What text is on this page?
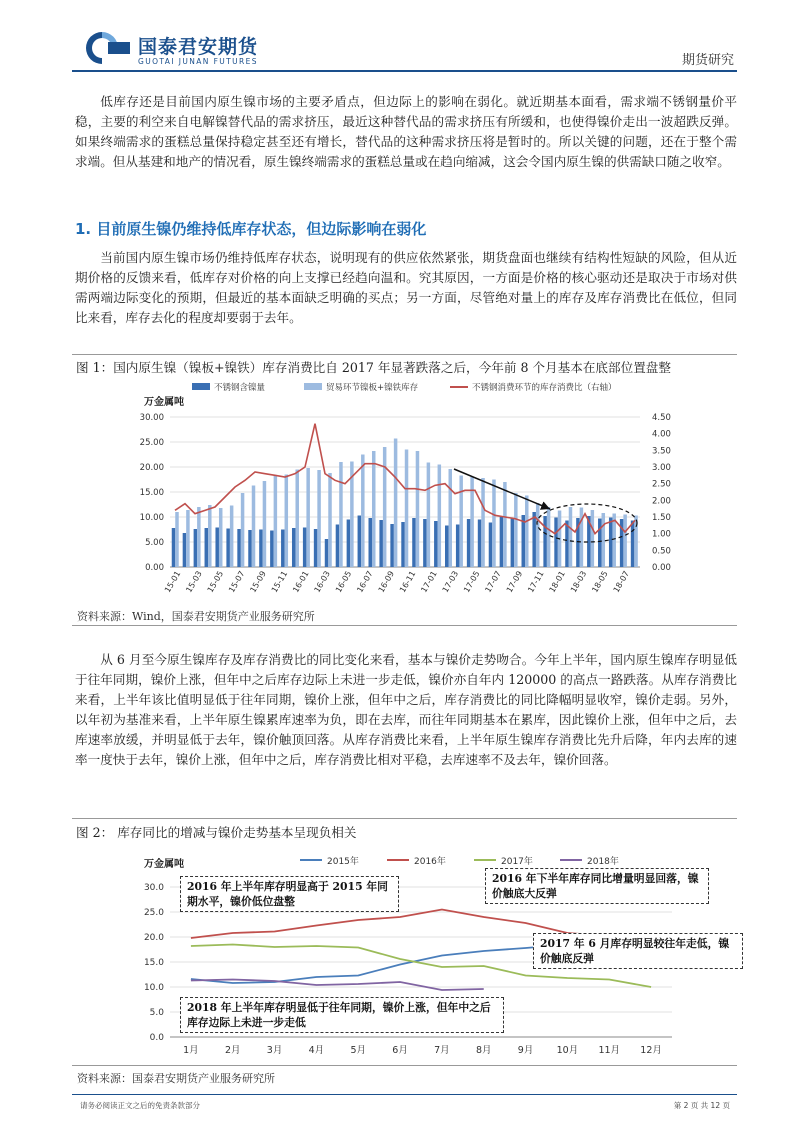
国泰君安期货
GUOTAI JUNAN FUTURES	期货研究
低库存还是目前国内原生镍市场的主要矛盾点，但边际上的影响在弱化。就近期基本面看，需求端不锈钢量价平稳，主要的利空来自电解镍替代品的需求挤压，最近这种替代品的需求挤压有所缓和，也使得镍价走出一波超跌反弹。如果终端需求的蛋糕总量保持稳定甚至还有增长，替代品的这种需求挤压将是暂时的。所以关键的问题，还在于整个需求端。但从基建和地产的情况看，原生镍终端需求的蛋糕总量或在趋向缩减，这会令国内原生镍的供需缺口随之收窄。
1. 目前原生镍仍维持低库存状态，但边际影响在弱化
当前国内原生镍市场仍维持低库存状态，说明现有的供应依然紧张，期货盘面也继续有结构性短缺的风险，但从近期价格的反馈来看，低库存对价格的向上支撑已经趋向温和。究其原因，一方面是价格的核心驱动还是取决于市场对供需两端边际变化的预期，但最近的基本面缺乏明确的买点；另一方面，尽管绝对量上的库存及库存消费比在低位，但同比来看，库存去化的程度却要弱于去年。
图 1：国内原生镍（镍板+镍铁）库存消费比自 2017 年显著跌落之后，今年前 8 个月基本在底部位置盘整
不锈钢含镍量	贸易环节镍板+镍铁库存	不锈钢消费环节的库存消费比（右轴）
万金属吨
30.00
25.00
20.00
15.00
10.00
5.00
0.00
4.50
4.00
3.50
3.00
2.50
2.00
1.50
1.00
0.50
0.00
15-01 15-03 15-05 15-07 15-09 15-11 16-01 16-03 16-05 16-07 16-09 16-11 17-01 17-03 17-05 17-07 17-09 17-11 18-01 18-03 18-05 18-07
资料来源：Wind，国泰君安期货产业服务研究所
从 6 月至今原生镍库存及库存消费比的同比变化来看，基本与镍价走势吻合。今年上半年，国内原生镍库存明显低于往年同期，镍价上涨，但年中之后库存边际上未进一步走低，镍价亦自年内 120000 的高点一路跌落。从库存消费比来看，上半年该比值明显低于往年同期，镍价上涨，但年中之后，库存消费比的同比降幅明显收窄，镍价走弱。另外，以年初为基准来看，上半年原生镍累库速率为负，即在去库，而往年同期基本在累库，因此镍价上涨，但年中之后，去库速率放缓，并明显低于去年，镍价触顶回落。从库存消费比来看，上半年原生镍库存消费比先升后降，年内去库的速率一度快于去年，镍价上涨，但年中之后，库存消费比相对平稳，去库速率不及去年，镍价回落。
图 2： 库存同比的增减与镍价走势基本呈现负相关
万金属吨	2015年	2016年	2017年	2018年
30.0
25.0
20.0
15.0
10.0
5.0
0.0
1月	2月	3月	4月	5月	6月	7月	8月	9月 10月 11月 12月
2016 年上半年库存明显高于 2015 年同期水平，镍价低位盘整
2016 年下半年库存同比增量明显回落，镍价触底大反弹
2017 年 6 月库存明显较往年走低，镍价触底反弹
2018 年上半年库存明显低于往年同期，镍价上涨，但年中之后库存边际上未进一步走低
资料来源：国泰君安期货产业服务研究所
请务必阅读正文之后的免责条款部分	第 2 页 共 12 页
